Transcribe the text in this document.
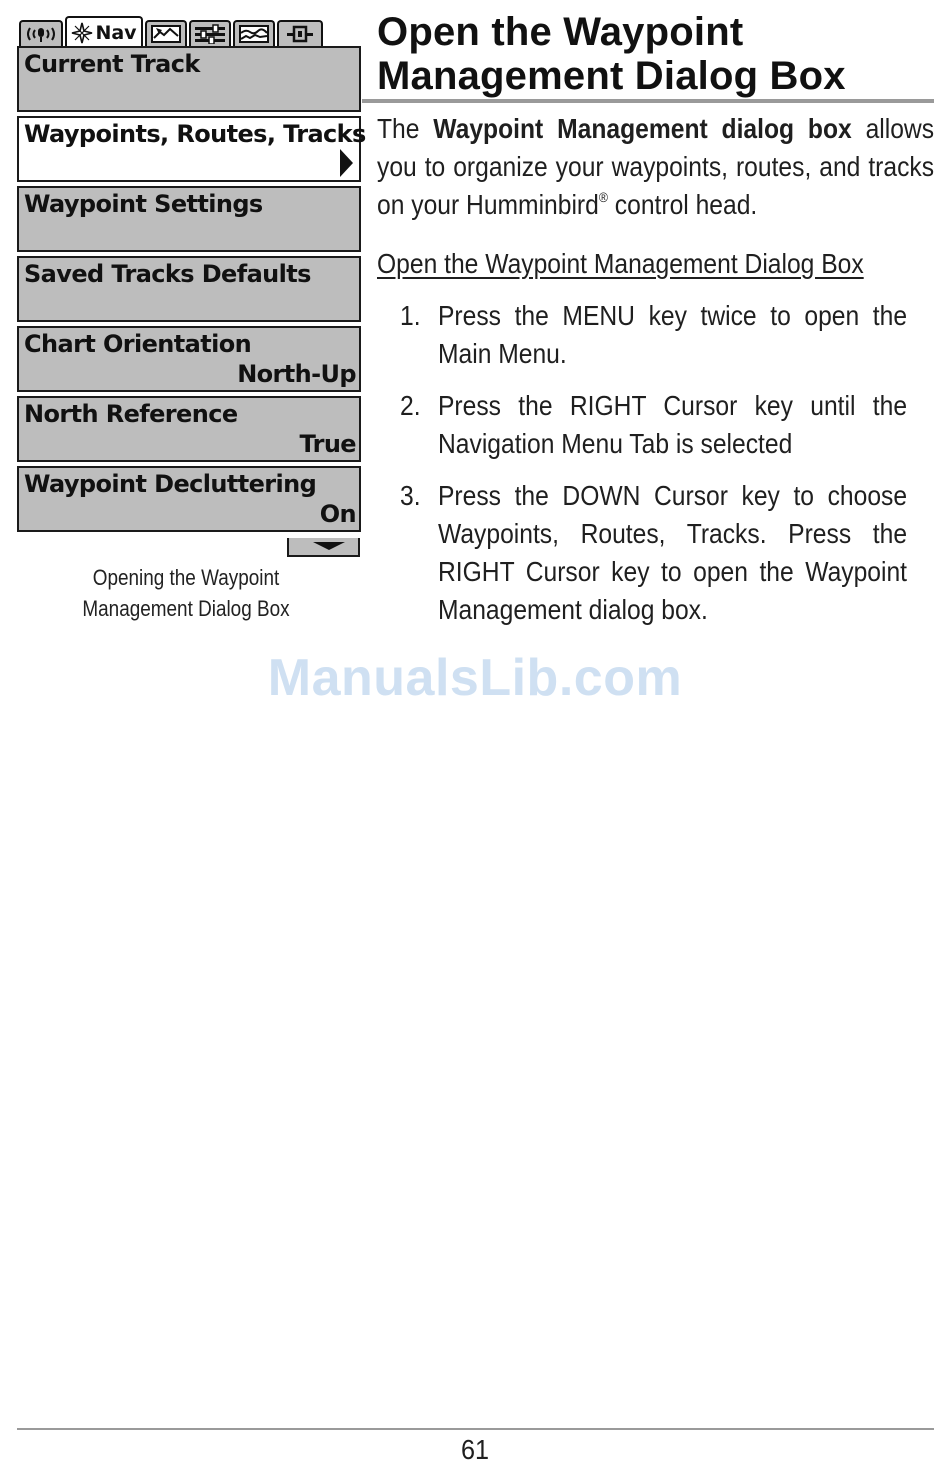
Nav
Current Track
Waypoints, Routes, Tracks
Waypoint Settings
Saved Tracks Defaults
Chart Orientation
North-Up
North Reference
True
Waypoint Decluttering
On
Opening the Waypoint
Management Dialog Box
Open the Waypoint
Management Dialog Box

The Waypoint Management dialog box allows you to organize your waypoints, routes, and tracks on your Humminbird® control head.

Open the Waypoint Management Dialog Box
1. Press the MENU key twice to open the Main Menu.
2. Press the RIGHT Cursor key until the Navigation Menu Tab is selected
3. Press the DOWN Cursor key to choose Waypoints, Routes, Tracks. Press the RIGHT Cursor key to open the Waypoint Management dialog box.
ManualsLib.com
61
